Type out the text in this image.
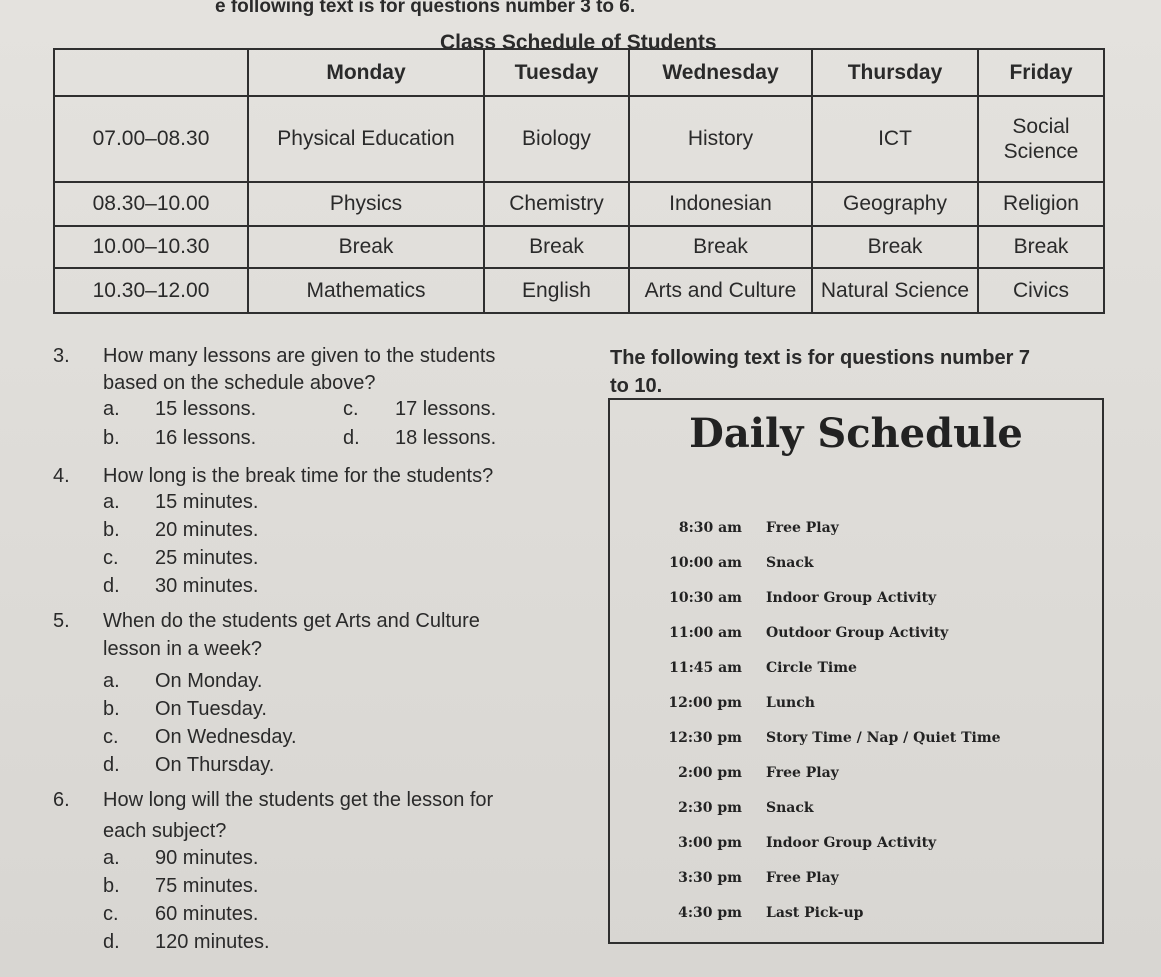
e following text is for questions number 3 to 6.
Class Schedule of Students
	Monday	Tuesday	Wednesday	Thursday	Friday
07.00–08.30	Physical Education	Biology	History	ICT	Social Science
08.30–10.00	Physics	Chemistry	Indonesian	Geography	Religion
10.00–10.30	Break	Break	Break	Break	Break
10.30–12.00	Mathematics	English	Arts and Culture	Natural Science	Civics
3. How many lessons are given to the students
based on the schedule above?
a. 15 lessons.	c. 17 lessons.
b. 16 lessons.	d. 18 lessons.
4. How long is the break time for the students?
a. 15 minutes.
b. 20 minutes.
c. 25 minutes.
d. 30 minutes.
5. When do the students get Arts and Culture
lesson in a week?
a. On Monday.
b. On Tuesday.
c. On Wednesday.
d. On Thursday.
6. How long will the students get the lesson for
each subject?
a. 90 minutes.
b. 75 minutes.
c. 60 minutes.
d. 120 minutes.
The following text is for questions number 7
to 10.
Daily Schedule
8:30 am Free Play
10:00 am Snack
10:30 am Indoor Group Activity
11:00 am Outdoor Group Activity
11:45 am Circle Time
12:00 pm Lunch
12:30 pm Story Time / Nap / Quiet Time
2:00 pm Free Play
2:30 pm Snack
3:00 pm Indoor Group Activity
3:30 pm Free Play
4:30 pm Last Pick-up
